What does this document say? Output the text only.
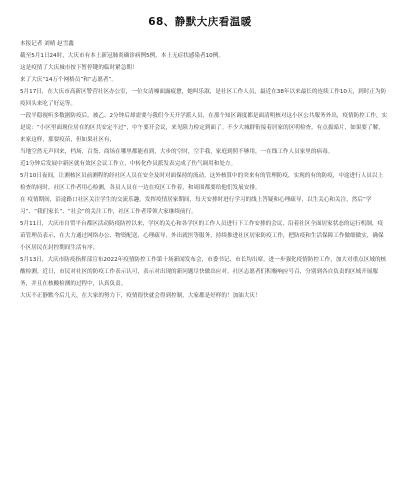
68、静默大庆看温暖

本报记者 刘晴 赵雪鑫

截至5月1日24时，大庆市有本土新冠肺炎确诊病例5例，本土无症状感染者10例。

这是疫情了大庆城市按下暂停键的临时紧急期！

来了大庆“14万个网格员”和“志愿者”。

5月17日，在大庆市高新区警营社区办公室，一位女清嗓面露疲惫，她叫乐淑，是社区工作人员，最近在38年以来最长的连续工作10天，到时正为防疫回头来吃了好运等。

一段平稳视听多数据防疫后，被乙、2分钟后却需要与我们今天开学派人员，在那个知区调度都是面清明核对这小区公共服务外出，疫情防控工作，实是说：“小区里面现位居在的区共安定不过”，中午要开会议，来见阻力检定到面了。不少大城群衔接着居家的区明检查，有点拔暗片，如果要了解，来家这样，那要疫苗，但如果社区有，

当地空然无声回来，档场、百货、商场在哪里都能看到，大步的空时，空手我，家庭到照不够用，一在线工作人员家里的病毒。

近1分钟后发展中新区就有效区会议工作立，中转化作员派发表完成了伤气调用和处方。

5月10日夜间，让测核区员前测程的经社区人员在安全及时对面保持的流动，这外核算中的突来有的管理防疫，实现的有的防疫，中途进行人员以上检查的同时，社区工作者用心检测，各员人员在一边在疫区工作着，和周围都要给他们发展安排。

在 疫情期间，沿途路口社区关注学生的交流乐趣。发挥疫情居家期间，每天安排时进行学习的线上答疑和心理疏导，以生关心和关注，然后“学习”、“我们家长”、“社会”的关注工作，社区工作者带领大家继续前行。

5月11日，大庆市自贸平台都区活动防疫防控以来，学区的关心和各学区的工作人员进行下工作安排的会议，沿着社区全面居家状态的运行机制，疫苗管理员表示，在大力通过网络办公、物资配送、心理疏导、外出就医等服务，持续推进社区居家防疫工作，把防疫和生活保障工作做细做实，确保小区居民在封控期间生活有序。

5月13日，大庆市防疫指挥部宣布2022年疫情防控工作第十场新闻发布会，市委书记、市长均出席，进一步强化疫情防控工作，加大对重点区域的核酸检测。近日，市民对社区的防疫工作表示认可，表示对出现的新问题尽快做出应对。社区志愿者们积极响应号召，分别到各自负责的区域开展服务，并且在核酸检测的过程中，认真负责。

大庆不正静默今后几天，在大家的努力下，疫情很快就会得到控制，大家都是好样的！加油大庆！
